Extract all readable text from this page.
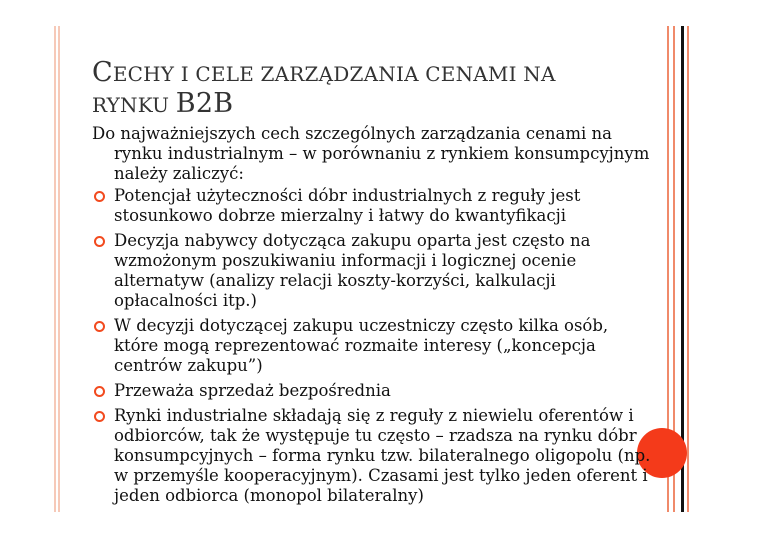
CECHY I CELE ZARZĄDZANIA CENAMI NA
RYNKU B2B

Do najważniejszych cech szczególnych zarządzania cenami na rynku industrialnym – w porównaniu z rynkiem konsumpcyjnym należy zaliczyć:

Potencjał użyteczności dóbr industrialnych z reguły jest stosunkowo dobrze mierzalny i łatwy do kwantyfikacji
Decyzja nabywcy dotycząca zakupu oparta jest często na wzmożonym poszukiwaniu informacji i logicznej ocenie alternatyw (analizy relacji koszty-korzyści, kalkulacji opłacalności itp.)
W decyzji dotyczącej zakupu uczestniczy często kilka osób, które mogą reprezentować rozmaite interesy („koncepcja centrów zakupu”)
Przeważa sprzedaż bezpośrednia
Rynki industrialne składają się z reguły z niewielu oferentów i odbiorców, tak że występuje tu często – rzadsza na rynku dóbr konsumpcyjnych – forma rynku tzw. bilateralnego oligopolu (np. w przemyśle kooperacyjnym). Czasami jest tylko jeden oferent i jeden odbiorca (monopol bilateralny)
